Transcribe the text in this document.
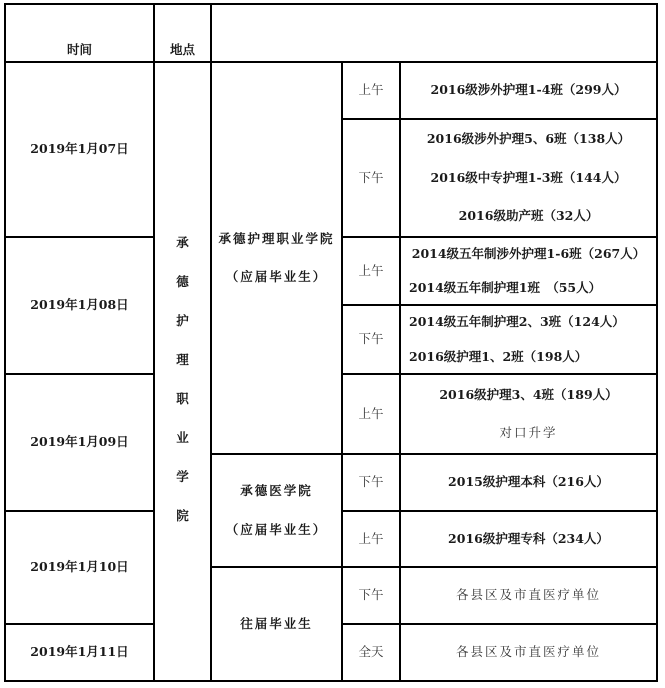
时间	地点
2019年1月07日
2019年1月08日
2019年1月09日
2019年1月10日
2019年1月11日
承
德
护
理
职
业
学
院
承德护理职业学院
（应届毕业生）
承德医学院
（应届毕业生）
往届毕业生
上午
下午
上午
下午
上午
下午
上午
下午
全天
2016级涉外护理1-4班（299人）
2016级涉外护理5、6班（138人）
2016级中专护理1-3班（144人）
2016级助产班（32人）
2014级五年制涉外护理1-6班（267人）
2014级五年制护理1班　（55人）
2014级五年制护理2、3班（124人）
2016级护理1、2班（198人）
2016级护理3、4班（189人）
对口升学
2015级护理本科（216人）
2016级护理专科（234人）
各县区及市直医疗单位
各县区及市直医疗单位
